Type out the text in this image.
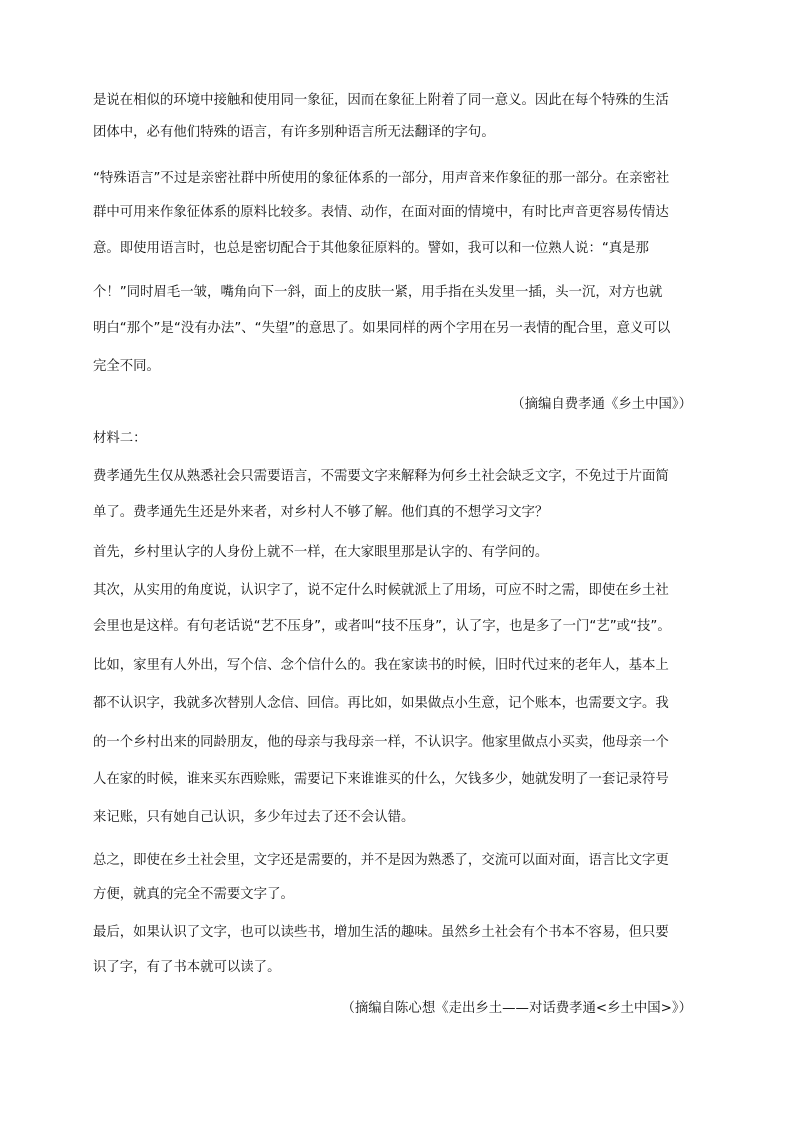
是说在相似的环境中接触和使用同一象征，因而在象征上附着了同一意义。因此在每个特殊的生活
团体中，必有他们特殊的语言，有许多别种语言所无法翻译的字句。
“特殊语言”不过是亲密社群中所使用的象征体系的一部分，用声音来作象征的那一部分。在亲密社
群中可用来作象征体系的原料比较多。表情、动作，在面对面的情境中，有时比声音更容易传情达
意。即使用语言时，也总是密切配合于其他象征原料的。譬如，我可以和一位熟人说：“真是那
个！”同时眉毛一皱，嘴角向下一斜，面上的皮肤一紧，用手指在头发里一插，头一沉，对方也就
明白“那个”是“没有办法”、“失望”的意思了。如果同样的两个字用在另一表情的配合里，意义可以
完全不同。
（摘编自费孝通《乡土中国》）
材料二：
费孝通先生仅从熟悉社会只需要语言，不需要文字来解释为何乡土社会缺乏文字，不免过于片面简
单了。费孝通先生还是外来者，对乡村人不够了解。他们真的不想学习文字？
首先，乡村里认字的人身份上就不一样，在大家眼里那是认字的、有学问的。
其次，从实用的角度说，认识字了，说不定什么时候就派上了用场，可应不时之需，即使在乡土社
会里也是这样。有句老话说“艺不压身”，或者叫“技不压身”，认了字，也是多了一门“艺”或“技”。
比如，家里有人外出，写个信、念个信什么的。我在家读书的时候，旧时代过来的老年人，基本上
都不认识字，我就多次替别人念信、回信。再比如，如果做点小生意，记个账本，也需要文字。我
的一个乡村出来的同龄朋友，他的母亲与我母亲一样，不认识字。他家里做点小买卖，他母亲一个
人在家的时候，谁来买东西赊账，需要记下来谁谁买的什么，欠钱多少，她就发明了一套记录符号
来记账，只有她自己认识，多少年过去了还不会认错。
总之，即使在乡土社会里，文字还是需要的，并不是因为熟悉了，交流可以面对面，语言比文字更
方便，就真的完全不需要文字了。
最后，如果认识了文字，也可以读些书，增加生活的趣味。虽然乡土社会有个书本不容易，但只要
识了字，有了书本就可以读了。
（摘编自陈心想《走出乡土——对话费孝通<乡土中国>》）
